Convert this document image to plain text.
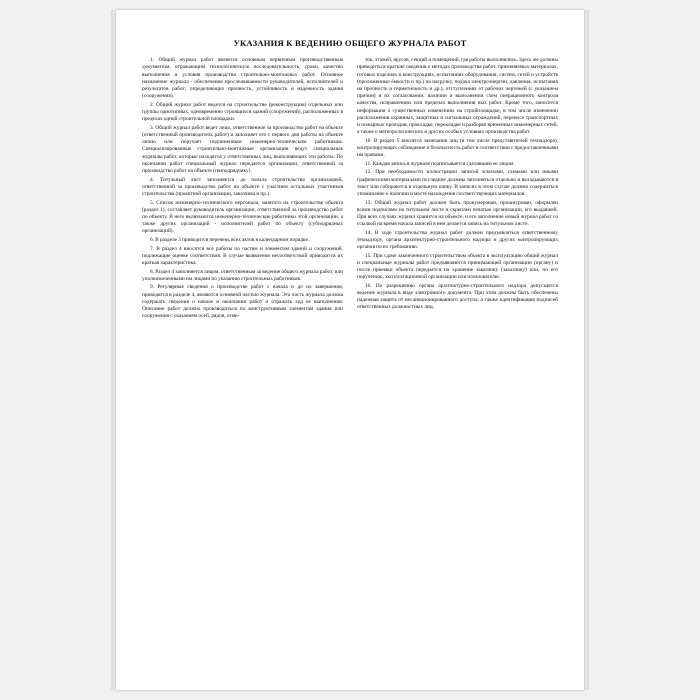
УКАЗАНИЯ К ВЕДЕНИЮ ОБЩЕГО ЖУРНАЛА РАБОТ

1. Общий журнал работ является основным первичным производственным документом, отражающим технологическую последовательность, сроки, качество выполнения и условия производства строительно-монтажных работ. Основное назначение журнала - обеспечение прослеживаемости руководителей, исполнителей и результатов работ; определяющих прочность, устойчивость и надежность здания (сооружения).

2. Общий журнал работ ведется на строительстве (реконструкции) отдельных или группы однотипных, одновременно строящихся зданий (сооружений), расположенных в пределах одной строительной площадки.

3. Общий журнал работ ведет лицо, ответственное за производство работ на объекте (ответственный производитель работ) и заполняет его с первого дня работы на объекте лично или поручает подчиненным инженерно-техническим работникам. Специализированные строительно-монтажные организации ведут специальные журналы работ, которые находятся у ответственных лиц, выполняющих эти работы. По окончании работ специальный журнал передается организации, ответственной за производство работ на объекте (генподрядчику).

4. Титульный лист заполняется до начала строительства организацией, ответственной за производство работ на объекте с участием остальных участников строительства (проектной организации, заказчика и пр.).

5. Список инженерно-технического персонала, занятого на строительстве объекта (раздел 1), составляет руководитель организации, ответственной за производство работ по объекту. В него включаются инженерно-технические работники этой организации, а также других организаций - исполнителей работ по объекту (субподрядных организаций).

6. В разделе 3 приводится перечень всех актов в календарном порядке.

7. В раздел 4 вносятся все работы по частям и элементам зданий и сооружений, подлежащие оценке соответствия. В случае выявления несоответствий приводится их краткая характеристика.

8. Раздел 4 заполняется лицом, ответственным за ведение общего журнала работ, или уполномоченными им лицами по указанию строительных работников.

9. Регулярные сведения о производстве работ с начала и до их завершения, приводятся в разделе 4, являются основной частью журнала. Эта часть журнала должна содержать сведения о начале и окончании работ и отражать ход ее выполнения. Описание работ должно производиться по конструктивным элементам здания или сооружения с указанием осей, рядов, отме-

ток, этажей, ярусов, секций и помещений, где работы выполнялись. Здесь же должны приводиться краткие сведения о методах производства работ, применяемых материалах, готовых изделиях и конструкциях, испытаниях оборудования, систем, сетей и устройств (проложенные ёмкости и пр.) на нагрузку, подача электроэнергии, давления, испытания на прочность и герметичность и др.), отступлениях от рабочих чертежей (с указанием причин) и их согласовании, наличии и выполнении схем операционного контроля качества, исправлениях или пределах выполнения ных работ. Кроме того, заносится информация о существенных изменениях на стройплощадке, в том числе изменении расположения охранных, защитных и сигнальных ограждений, переносе транспортных и пожарных проездов, прокладке, перекладке и разборке временных инженерных сетей, а также о метеорологических и других особых условиях производства работ.

10. В раздел 5 вносятся замечания лиц (в том числе представителей технадзора), контролирующих соблюдение и безопасность работ в соответствии с предоставленными им правами.

11. Каждая запись в журнале подписывается сделавшим ее лицом.

12. При необходимости иллюстрации записей эскизами, схемами или иными графическими материалами последние должны заполняться отдельно и вкладываются в текст или собираются в отдельную папку. В записях в этом случае должно содержаться упоминание о наличии и месте нахождения соответствующих материалов.

13. Общий журнал работ должен быть пронумерован, прошнурован, оформлен всеми подписями на титульном листе и скреплен печатью организации, его выдавшей. При всех случаях журнал хранится на объекте, и его заполнение новый журнал работ со ссылкой на время начала записей в нем делается запись на титульном листе.

14. В ходе строительства журнал работ должен предъявляться ответственному технадзору, органа архитектурно-строительного надзора и других контролирующих органов по их требованию.

15. При сдаче законченного строительством объекта в эксплуатацию общий журнал и специальные журналы работ предъявляются принимающей организации (органу) и после приемки объекта передается на хранение заказчику (заказчику) или, по его поручению, эксплуатационной организации или пользователю.

16. По разрешению органа архитектурно-строительного надзора допускается ведение журнала в виде электронного документа. При этом должны быть обеспечены надежная защита от несанкционированного доступа, а также идентификация подписей ответственных должностных лиц.
